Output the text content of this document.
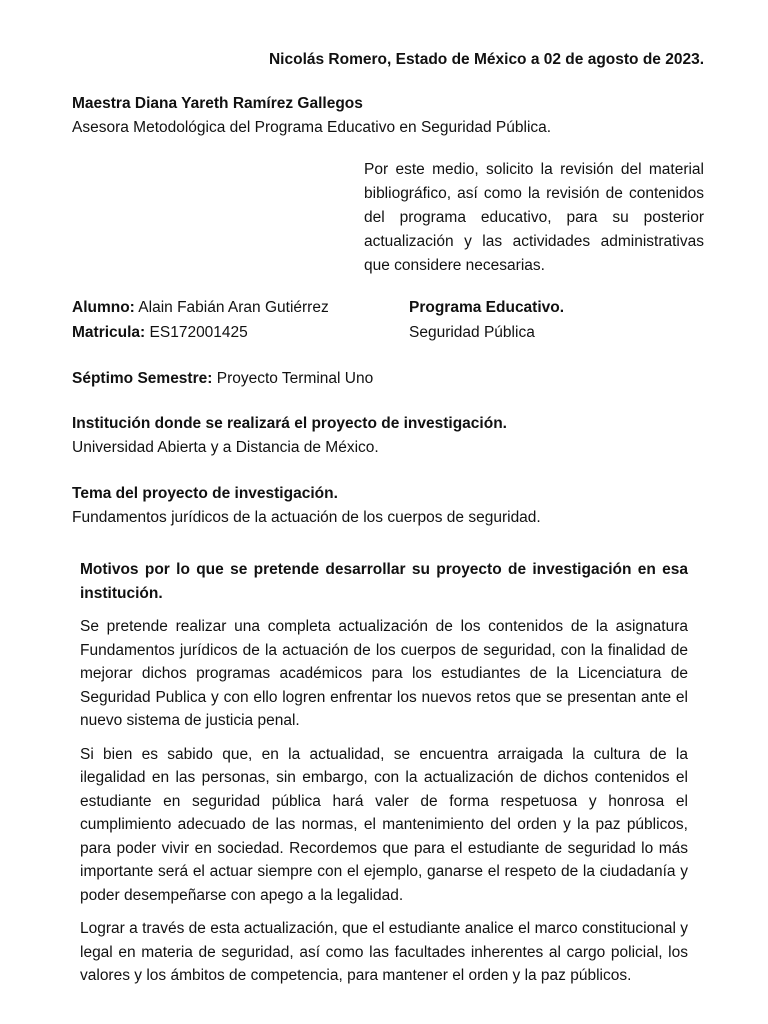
Nicolás Romero, Estado de México a 02 de agosto de 2023.
Maestra Diana Yareth Ramírez Gallegos
Asesora Metodológica del Programa Educativo en Seguridad Pública.
Por este medio, solicito la revisión del material bibliográfico, así como la revisión de contenidos del programa educativo, para su posterior actualización y las actividades administrativas que considere necesarias.
Alumno: Alain Fabián Aran Gutiérrez
Matricula: ES172001425
Programa Educativo.
Seguridad Pública
Séptimo Semestre: Proyecto Terminal Uno
Institución donde se realizará el proyecto de investigación.
Universidad Abierta y a Distancia de México.
Tema del proyecto de investigación.
Fundamentos jurídicos de la actuación de los cuerpos de seguridad.
Motivos por lo que se pretende desarrollar su proyecto de investigación en esa institución.

Se pretende realizar una completa actualización de los contenidos de la asignatura Fundamentos jurídicos de la actuación de los cuerpos de seguridad, con la finalidad de mejorar dichos programas académicos para los estudiantes de la Licenciatura de Seguridad Publica y con ello logren enfrentar los nuevos retos que se presentan ante el nuevo sistema de justicia penal.

Si bien es sabido que, en la actualidad, se encuentra arraigada la cultura de la ilegalidad en las personas, sin embargo, con la actualización de dichos contenidos el estudiante en seguridad pública hará valer de forma respetuosa y honrosa el cumplimiento adecuado de las normas, el mantenimiento del orden y la paz públicos, para poder vivir en sociedad. Recordemos que para el estudiante de seguridad lo más importante será el actuar siempre con el ejemplo, ganarse el respeto de la ciudadanía y poder desempeñarse con apego a la legalidad.

Lograr a través de esta actualización, que el estudiante analice el marco constitucional y legal en materia de seguridad, así como las facultades inherentes al cargo policial, los valores y los ámbitos de competencia, para mantener el orden y la paz públicos.
